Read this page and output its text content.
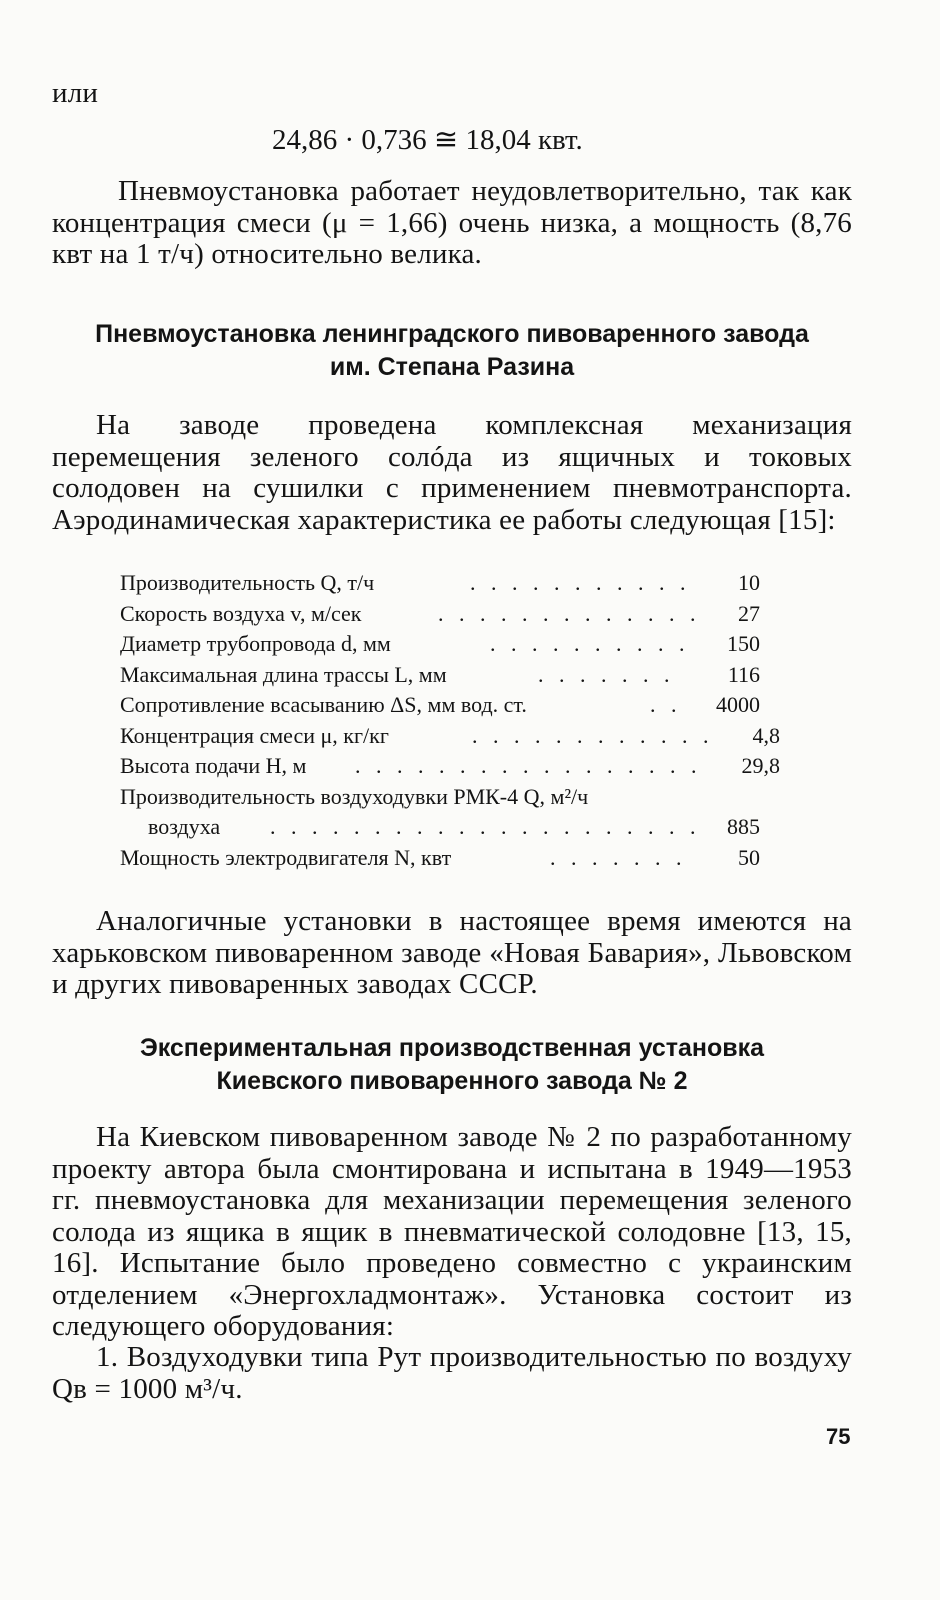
или
24,86 · 0,736 ≅ 18,04 квт.

Пневмоустановка работает неудовлетворительно, так как концентрация смеси (μ = 1,66) очень низка, а мощность (8,76 квт на 1 т/ч) относительно велика.

Пневмоустановка ленинградского пивоваренного завода
им. Степана Разина

На заводе проведена комплексная механизация перемещения зеленого солóда из ящичных и токовых солодовен на сушилки с применением пневмотранспорта. Аэродинамическая характеристика ее работы следующая [15]:

Производительность Q, т/ч	. . . . . . . . . . .	10
Скорость воздуха v, м/сек	. . . . . . . . . . . . .	27
Диаметр трубопровода d, мм	. . . . . . . . . .	150
Максимальная длина трассы L, мм	. . . . . . .	116
Сопротивление всасыванию ΔS, мм вод. ст.	. .	4000
Концентрация смеси μ, кг/кг	. . . . . . . . . . . .	4,8
Высота подачи H, м . . . . . . . . . . . . . . . . .	29,8
Производительность воздуходувки РМК-4 Q, м²/ч
воздуха . . . . . . . . . . . . . . . . . . . . .	885
Мощность электродвигателя N, квт	. . . . . . .	50

Аналогичные установки в настоящее время имеются на харьковском пивоваренном заводе «Новая Бавария», Львовском и других пивоваренных заводах СССР.

Экспериментальная производственная установка
Киевского пивоваренного завода № 2

На Киевском пивоваренном заводе № 2 по разработанному проекту автора была смонтирована и испытана в 1949—1953 гг. пневмоустановка для механизации перемещения зеленого солода из ящика в ящик в пневматической солодовне [13, 15, 16]. Испытание было проведено совместно с украинским отделением «Энергохладмонтаж». Установка состоит из следующего оборудования:

1. Воздуходувки типа Рут производительностью по воздуху Qв = 1000 м³/ч.

75
